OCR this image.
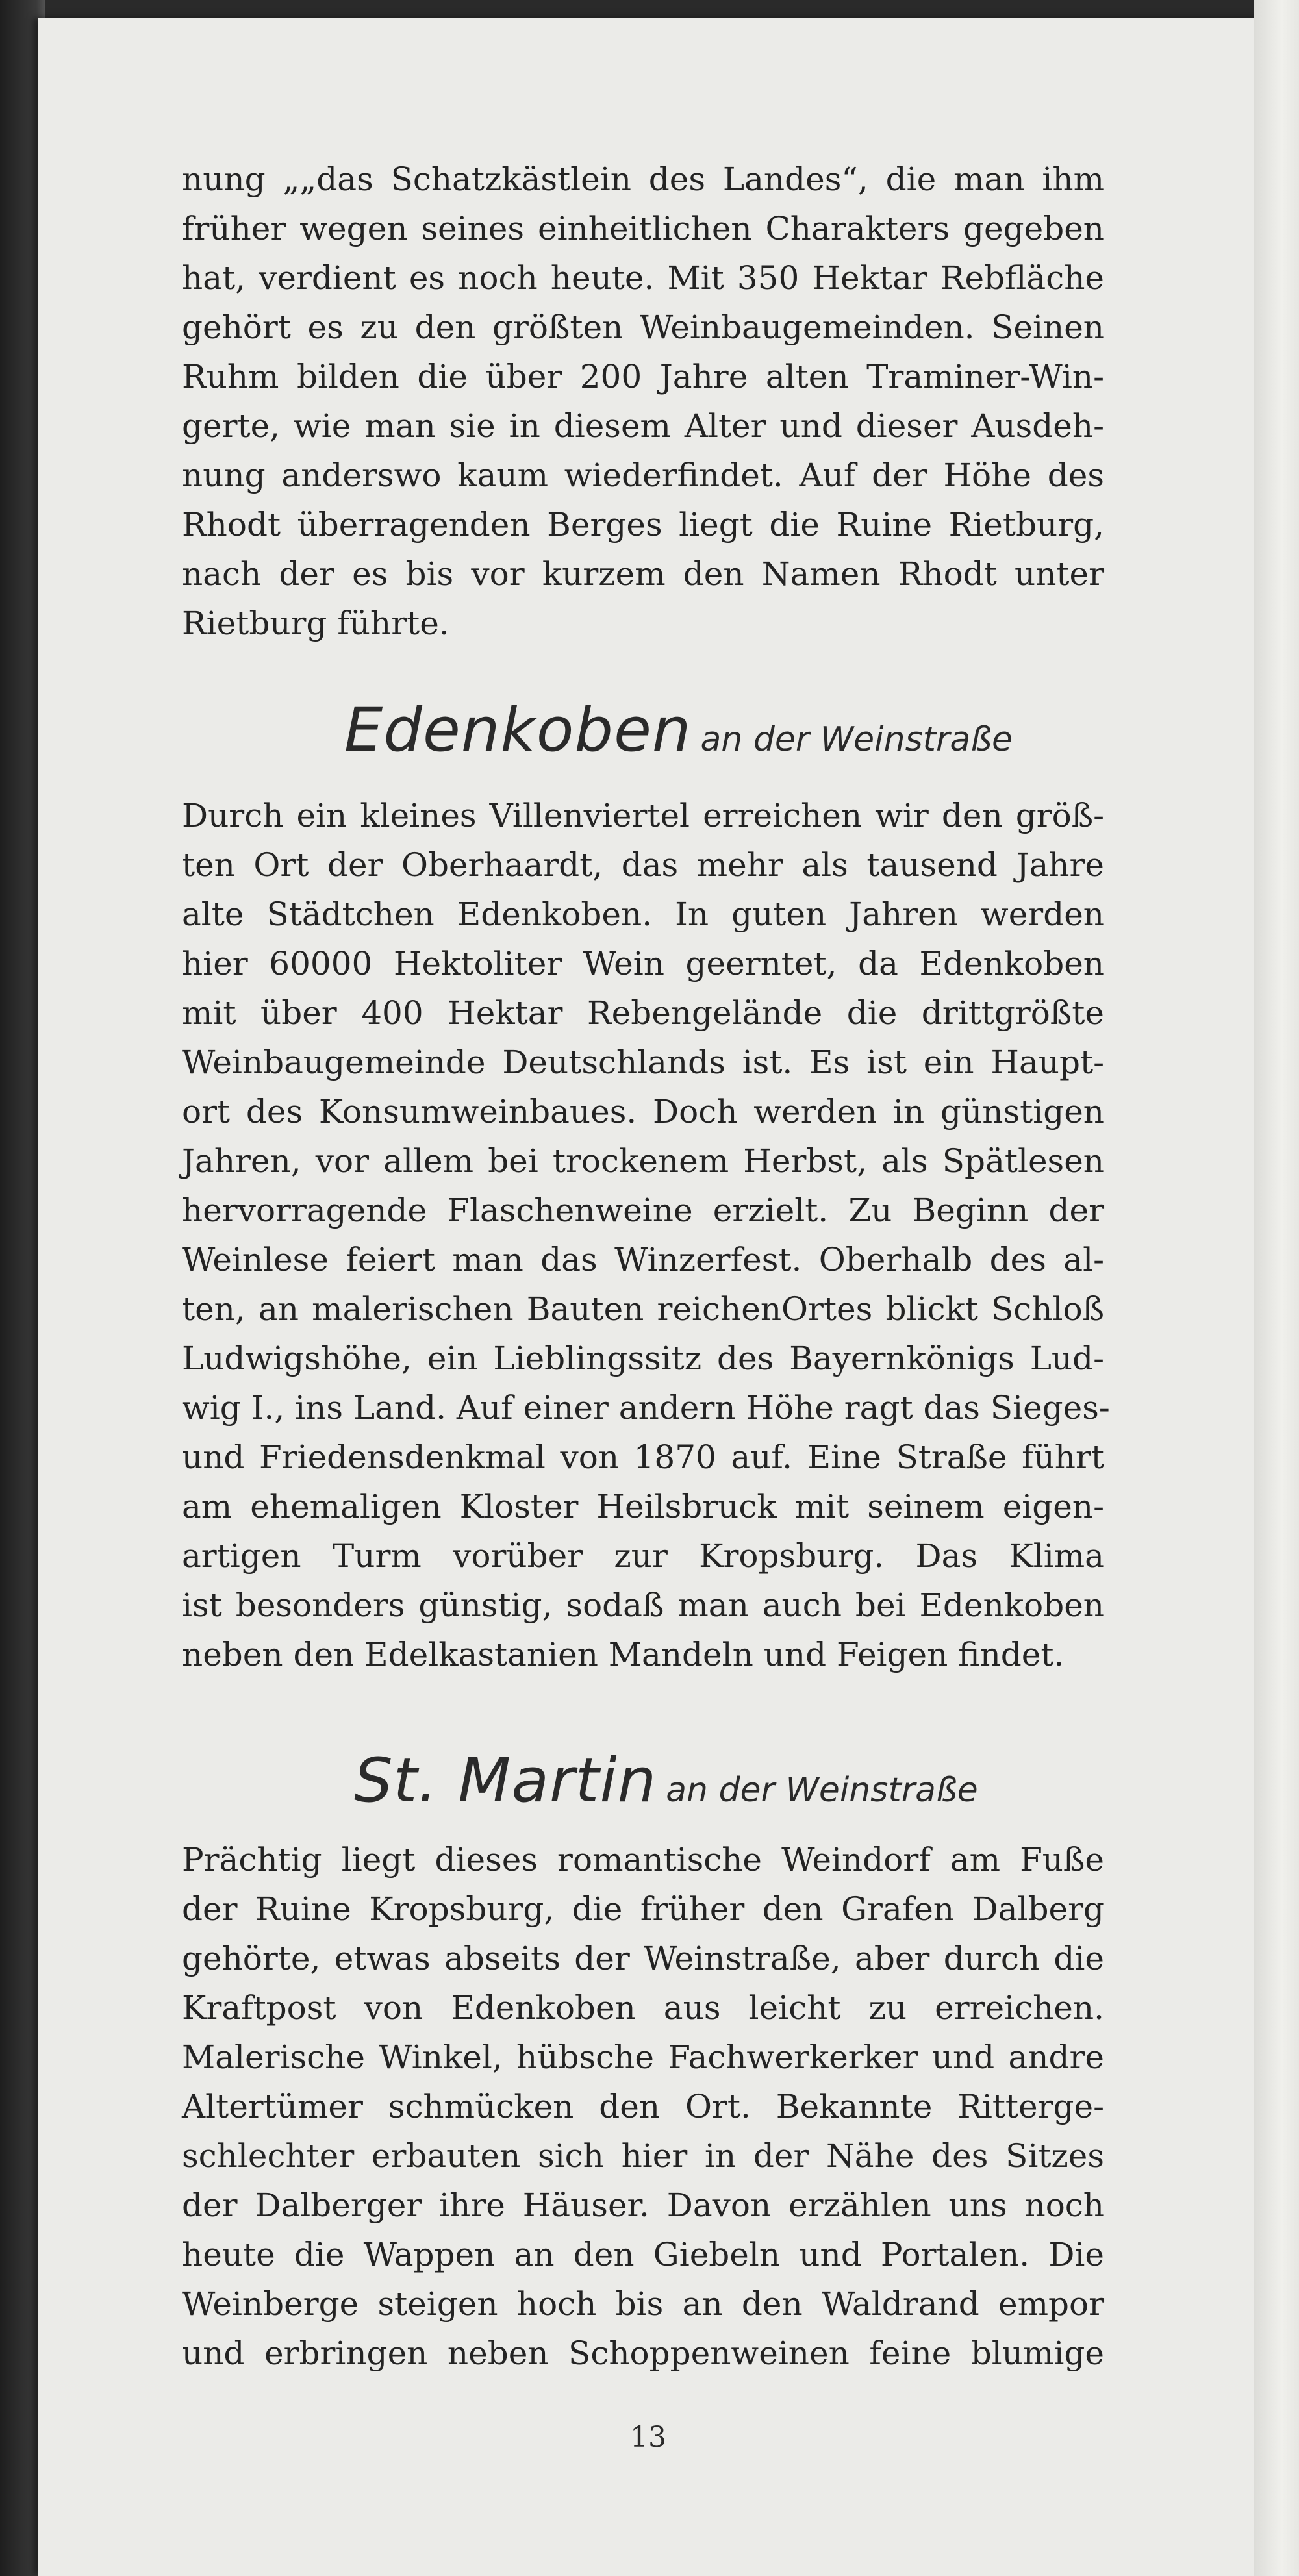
nung „„das Schatzkästlein des Landes“, die man ihm
früher wegen seines einheitlichen Charakters gegeben
hat, verdient es noch heute. Mit 350 Hektar Rebfläche
gehört es zu den größten Weinbaugemeinden. Seinen
Ruhm bilden die über 200 Jahre alten Traminer-Win-
gerte, wie man sie in diesem Alter und dieser Ausdeh-
nung anderswo kaum wiederfindet. Auf der Höhe des
Rhodt überragenden Berges liegt die Ruine Rietburg,
nach der es bis vor kurzem den Namen Rhodt unter
Rietburg führte.
Edenkoben an der Weinstraße
Durch ein kleines Villenviertel erreichen wir den größ-
ten Ort der Oberhaardt, das mehr als tausend Jahre
alte Städtchen Edenkoben. In guten Jahren werden
hier 60000 Hektoliter Wein geerntet, da Edenkoben
mit über 400 Hektar Rebengelände die drittgrößte
Weinbaugemeinde Deutschlands ist. Es ist ein Haupt-
ort des Konsumweinbaues. Doch werden in günstigen
Jahren, vor allem bei trockenem Herbst, als Spätlesen
hervorragende Flaschenweine erzielt. Zu Beginn der
Weinlese feiert man das Winzerfest. Oberhalb des al-
ten, an malerischen Bauten reichenOrtes blickt Schloß
Ludwigshöhe, ein Lieblingssitz des Bayernkönigs Lud-
wig I., ins Land. Auf einer andern Höhe ragt das Sieges-
und Friedensdenkmal von 1870 auf. Eine Straße führt
am ehemaligen Kloster Heilsbruck mit seinem eigen-
artigen Turm vorüber zur Kropsburg. Das Klima
ist besonders günstig, sodaß man auch bei Edenkoben
neben den Edelkastanien Mandeln und Feigen findet.
St. Martin an der Weinstraße
Prächtig liegt dieses romantische Weindorf am Fuße
der Ruine Kropsburg, die früher den Grafen Dalberg
gehörte, etwas abseits der Weinstraße, aber durch die
Kraftpost von Edenkoben aus leicht zu erreichen.
Malerische Winkel, hübsche Fachwerkerker und andre
Altertümer schmücken den Ort. Bekannte Ritterge-
schlechter erbauten sich hier in der Nähe des Sitzes
der Dalberger ihre Häuser. Davon erzählen uns noch
heute die Wappen an den Giebeln und Portalen. Die
Weinberge steigen hoch bis an den Waldrand empor
und erbringen neben Schoppenweinen feine blumige
13
